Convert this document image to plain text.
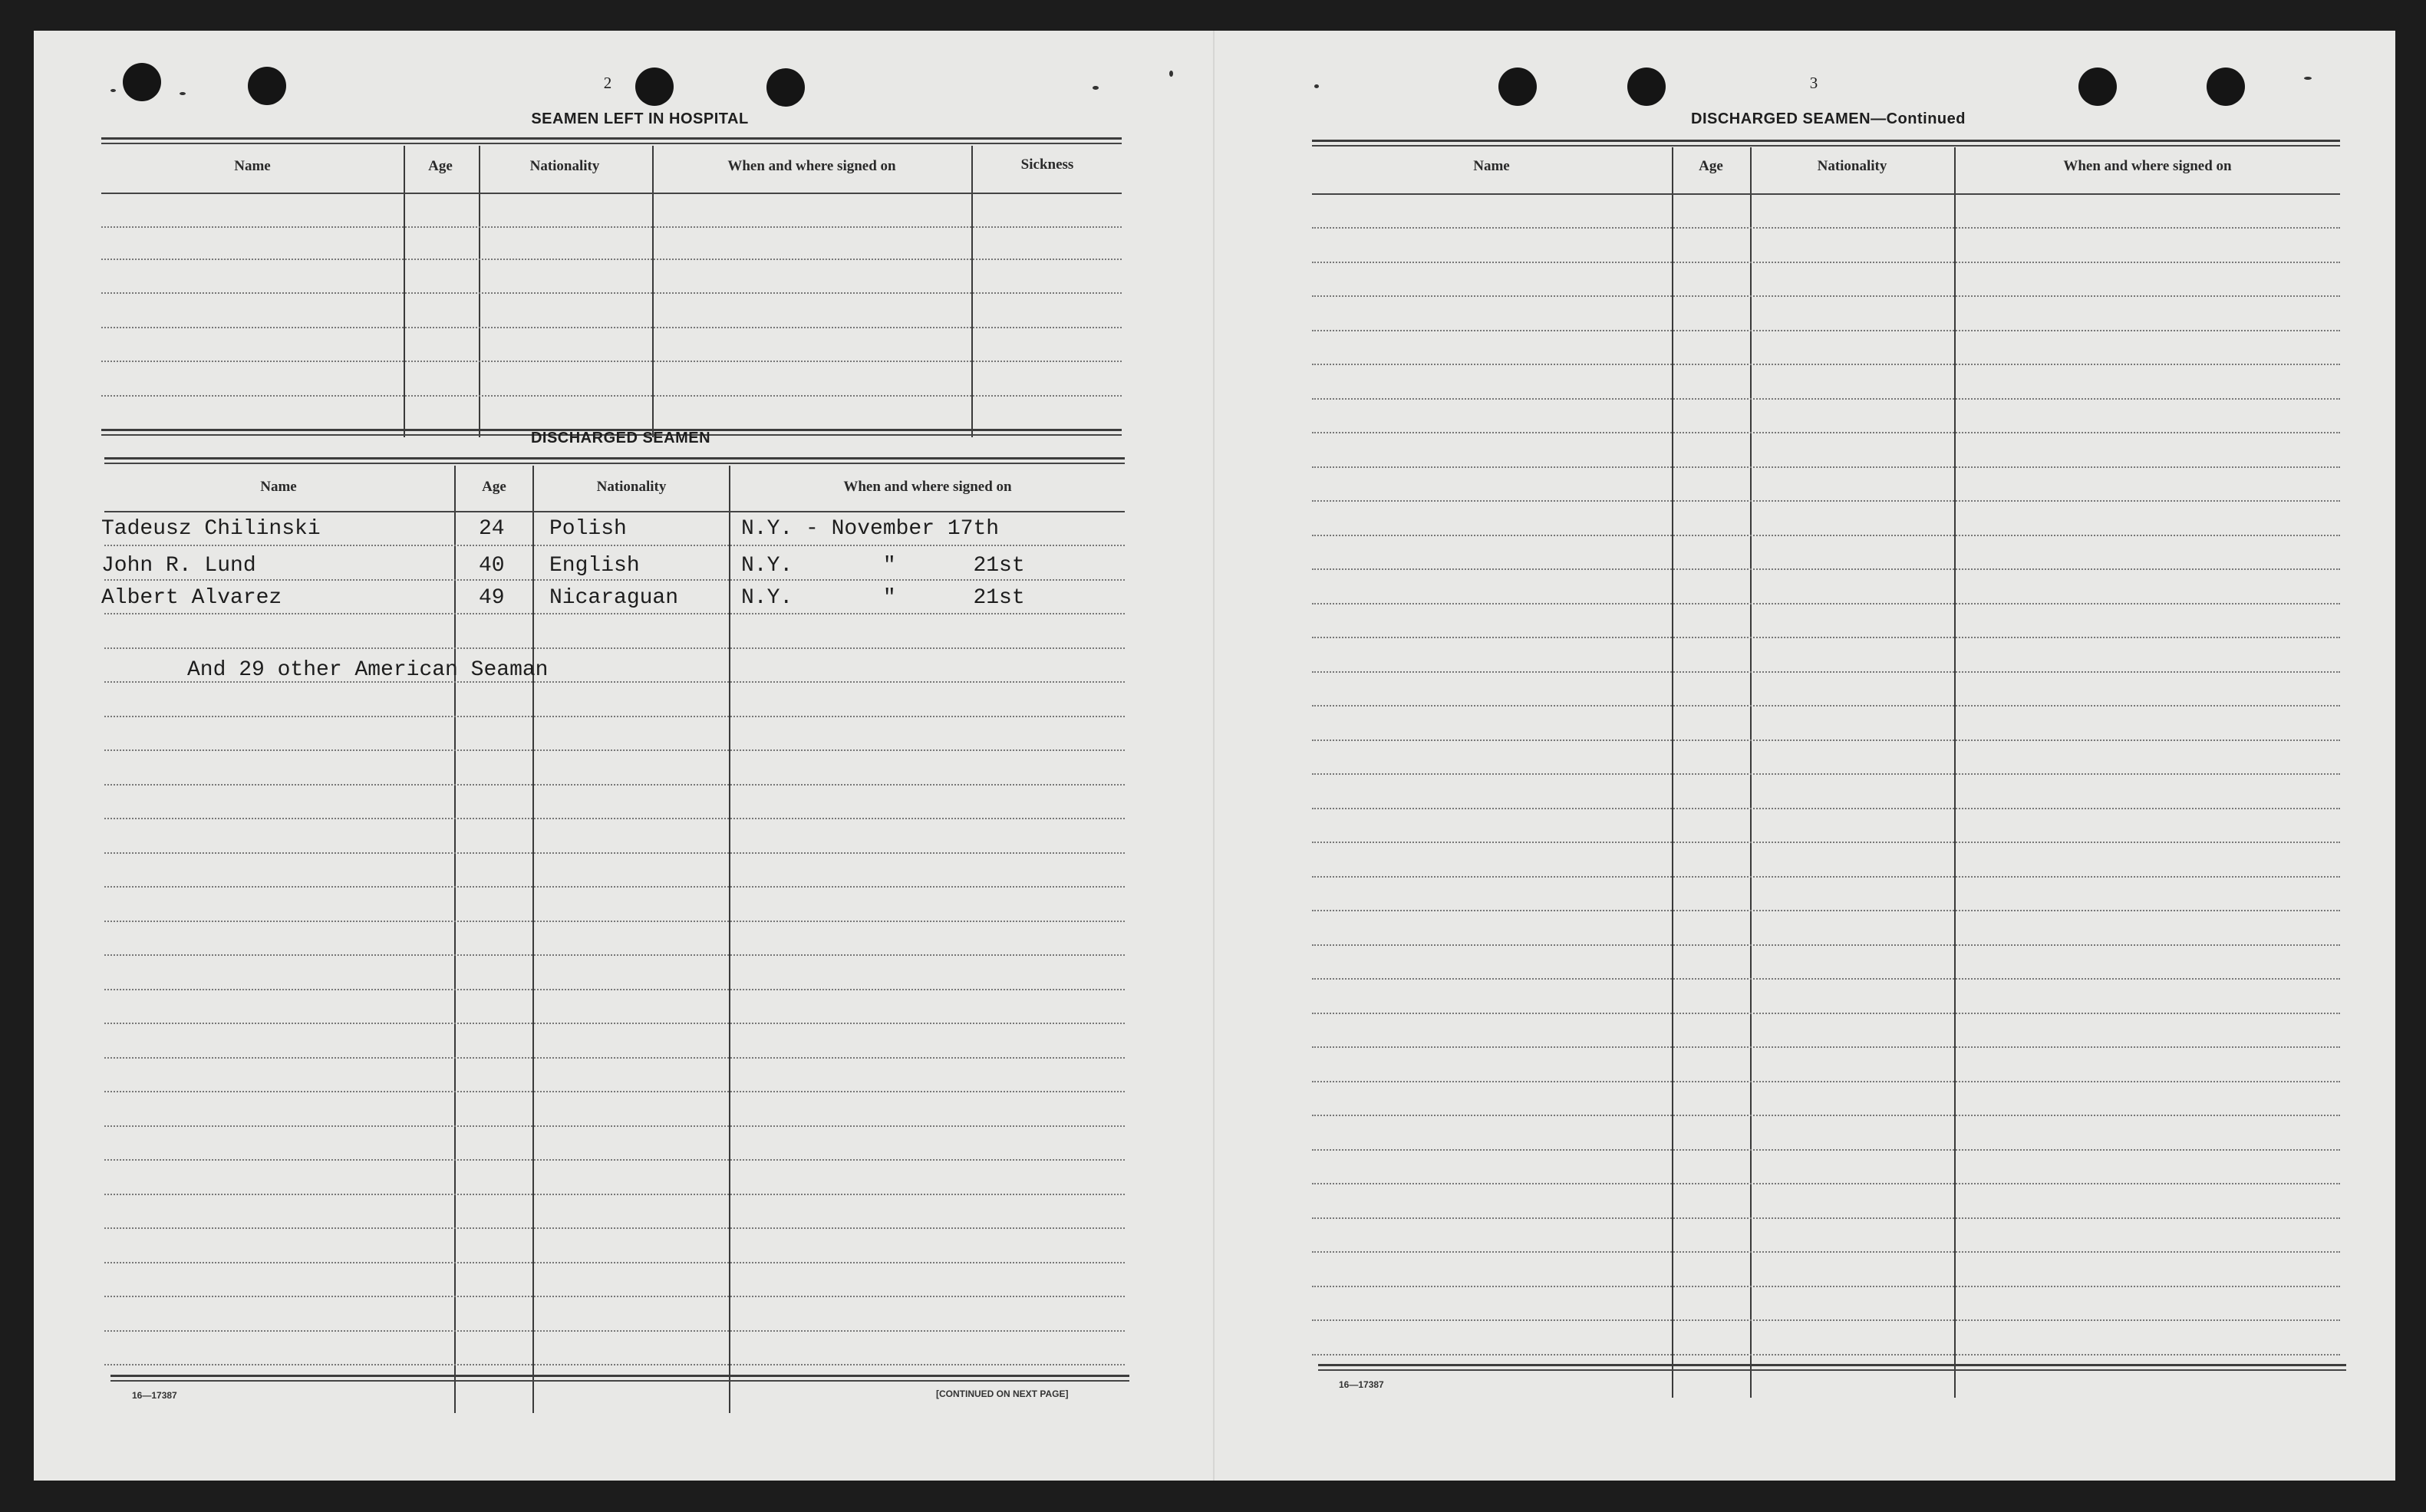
2
SEAMEN LEFT IN HOSPITAL
Name	Age	Nationality	When and where signed on	Sickness
DISCHARGED SEAMEN
Name	Age	Nationality	When and where signed on
Tadeusz Chilinski	24 Polish	N.Y. - November 17th
John R. Lund	40 English	N.Y.       "      21st
Albert Alvarez	49 Nicaraguan	N.Y.       "      21st
And 29 other American Seaman
16—17387	[CONTINUED ON NEXT PAGE]
3
DISCHARGED SEAMEN—Continued
Name	Age	Nationality	When and where signed on
16—17387
